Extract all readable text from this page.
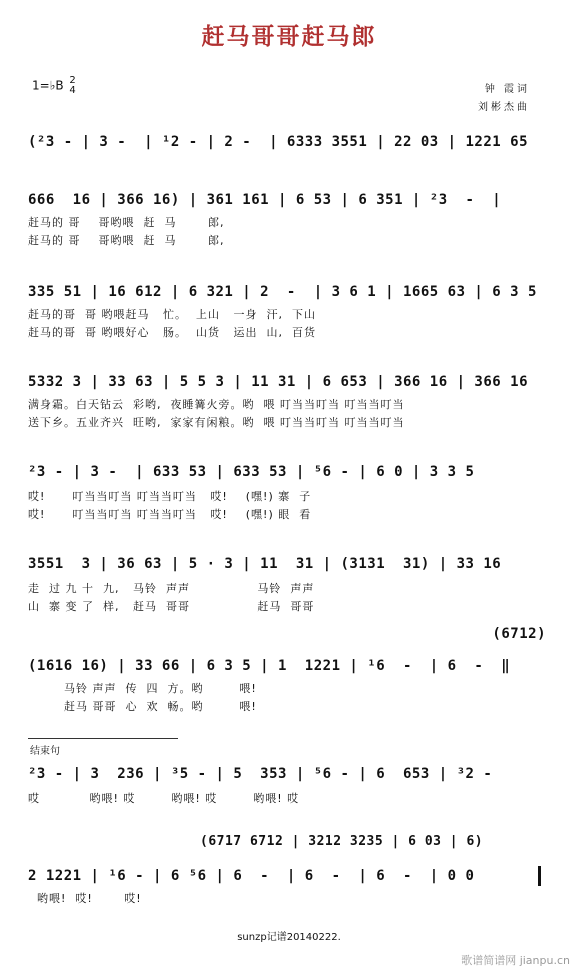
赶马哥哥赶马郎
1=♭B 2
4	钟 霞词
刘彬杰曲
(²3 - | 3 -  | ¹2 - | 2 -  | 6333 3551 | 22 03 | 1221 65
666  16 | 366 16) | 361 161 | 6 53 | 6 351 | ²3  -  |
赶马的 哥    哥哟喂  赶  马       郎,
赶马的 哥    哥哟喂  赶  马       郎,
335 51 | 16 612 | 6 321 | 2  -  | 3 6 1 | 1665 63 | 6 3 5
赶马的哥  哥 哟喂赶马   忙。  上山   一身  汗,  下山
赶马的哥  哥 哟喂好心   肠。  山货   运出  山,  百货
5332 3 | 33 63 | 5 5 3 | 11 31 | 6 653 | 366 16 | 366 16
满身霜。白天钻云  彩哟,  夜睡篝火旁。哟  喂 叮当当叮当 叮当当叮当
送下乡。五业齐兴  旺哟,  家家有闲粮。哟  喂 叮当当叮当 叮当当叮当
²3 - | 3 -  | 633 53 | 633 53 | ⁵6 - | 6 0 | 3 3 5
哎!      叮当当叮当 叮当当叮当   哎!    (嘿!) 寨  子
哎!      叮当当叮当 叮当当叮当   哎!    (嘿!) 眼  看
3551  3 | 36 63 | 5 · 3 | 11  31 | (3131  31) | 33 16
走  过 九 十  九,   马铃  声声               马铃  声声
山  寨 变 了  样,   赶马  哥哥               赶马  哥哥
(6712)
(1616 16) | 33 66 | 6 3 5 | 1  1221 | ¹6  -  | 6  -  ‖
马铃 声声  传  四  方。哟        喂!
赶马 哥哥  心  欢  畅。哟        喂!
结束句
²3 - | 3  236 | ³5 - | 5  353 | ⁵6 - | 6  653 | ³2 -
哎           哟喂! 哎        哟喂! 哎        哟喂! 哎
(6717 6712 | 3212 3235 | 6 03 | 6)
2 1221 | ¹6 - | 6 ⁵6 | 6  -  | 6  -  | 6  -  | 0 0
哟喂!  哎!       哎!
sunzp记谱20140222.
歌谱简谱网 jianpu.cn
